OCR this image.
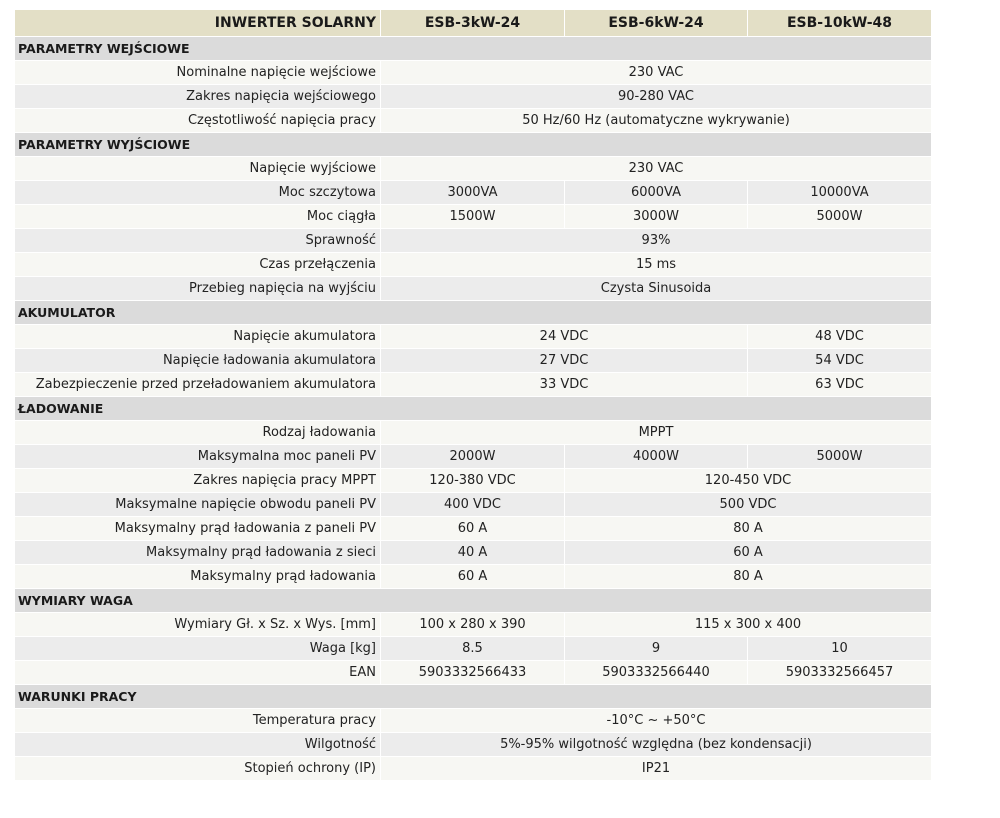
INWERTER SOLARNY	ESB-3kW-24	ESB-6kW-24	ESB-10kW-48
PARAMETRY WEJŚCIOWE			
Nominalne napięcie wejściowe	230 VAC		
Zakres napięcia wejściowego	90-280 VAC		
Częstotliwość napięcia pracy	50 Hz/60 Hz (automatyczne wykrywanie)		
PARAMETRY WYJŚCIOWE			
Napięcie wyjściowe	230 VAC		
Moc szczytowa	3000VA	6000VA	10000VA
Moc ciągła	1500W	3000W	5000W
Sprawność	93%		
Czas przełączenia	15 ms		
Przebieg napięcia na wyjściu	Czysta Sinusoida		
AKUMULATOR			
Napięcie akumulatora	24 VDC		48 VDC
Napięcie ładowania akumulatora	27 VDC		54 VDC
Zabezpieczenie przed przeładowaniem akumulatora	33 VDC		63 VDC
ŁADOWANIE			
Rodzaj ładowania	MPPT		
Maksymalna moc paneli PV	2000W	4000W	5000W
Zakres napięcia pracy MPPT	120-380 VDC	120-450 VDC	
Maksymalne napięcie obwodu paneli PV	400 VDC	500 VDC	
Maksymalny prąd ładowania z paneli PV	60 A	80 A	
Maksymalny prąd ładowania z sieci	40 A	60 A	
Maksymalny prąd ładowania	60 A	80 A	
WYMIARY WAGA			
Wymiary Gł. x Sz. x Wys. [mm]	100 x 280 x 390	115 x 300 x 400	
Waga [kg]	8.5	9	10
EAN	5903332566433	5903332566440	5903332566457
WARUNKI PRACY			
Temperatura pracy	-10°C ~ +50°C		
Wilgotność	5%-95% wilgotność względna (bez kondensacji)		
Stopień ochrony (IP)	IP21		
